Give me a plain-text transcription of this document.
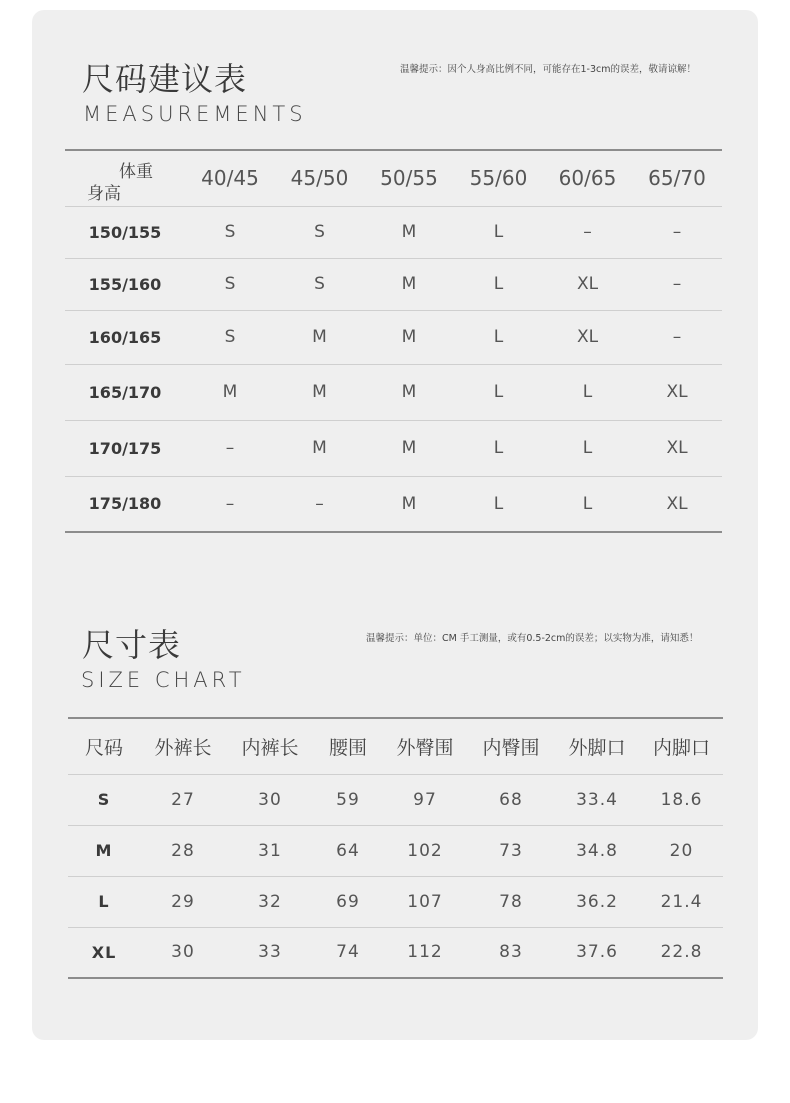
尺码建议表
MEASUREMENTS
温馨提示：因个人身高比例不同，可能存在1-3cm的误差，敬请谅解！
体重
身高	40/45	45/50	50/55	55/60	60/65	65/70
150/155	S	S	M	L	–	–
155/160	S	S	M	L	XL	–
160/165	S	M	M	L	XL	–
165/170	M	M	M	L	L	XL
170/175	–	M	M	L	L	XL
175/180	–	–	M	L	L	XL
尺寸表
SIZE CHART
温馨提示：单位：CM 手工测量，或有0.5-2cm的误差；以实物为准，请知悉！
尺码	外裤长	内裤长	腰围	外臀围	内臀围	外脚口	内脚口
S	27	30	59	97	68	33.4	18.6
M	28	31	64	102	73	34.8	20
L	29	32	69	107	78	36.2	21.4
XL	30	33	74	112	83	37.6	22.8
